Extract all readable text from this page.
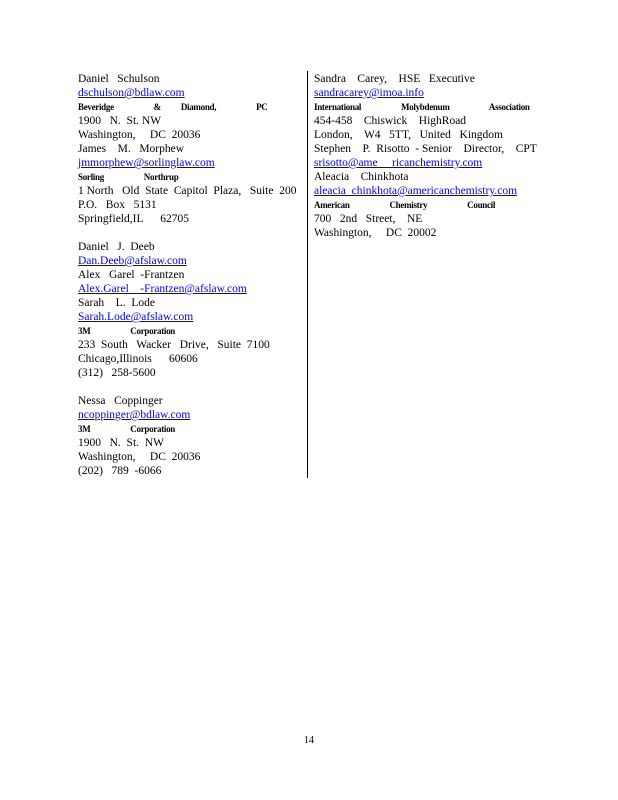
Daniel   Schulson
dschulson@bdlaw.com
Beveridge  & Diamond,  PC
1900   N.  St. NW
Washington,     DC  20036
James    M.   Morphew
jmmorphew@sorlinglaw.com
Sorling  Northrup
1 North   Old  State  Capitol  Plaza,   Suite  200
P.O.   Box   5131
Springfield,IL      62705
Daniel   J.  Deeb
Dan.Deeb@afslaw.com
Alex   Garel  -Frantzen
Alex.Garel    -Frantzen@afslaw.com
Sarah    L.  Lode
Sarah.Lode@afslaw.com
3M  Corporation
233  South   Wacker   Drive,   Suite  7100
Chicago,Illinois      60606
(312)   258-5600
Nessa   Coppinger
ncoppinger@bdlaw.com
3M  Corporation
1900   N.  St.  NW
Washington,     DC  20036
(202)   789  -6066
Sandra    Carey,    HSE   Executive
sandracarey@imoa.info
International  Molybdenum  Association
454-458    Chiswick    HighRoad
London,    W4   5TT,   United   Kingdom
Stephen    P.  Risotto  - Senior    Director,    CPT
srisotto@ame     ricanchemistry.com
Aleacia    Chinkhota
aleacia_chinkhota@americanchemistry.com
American  Chemistry  Council
700   2nd   Street,    NE
Washington,     DC  20002
14
